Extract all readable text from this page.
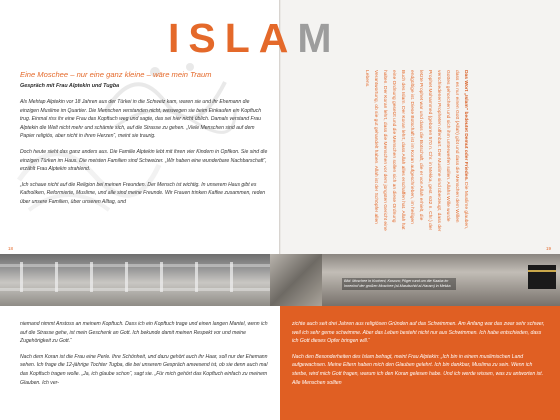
ISLAM
Eine Moschee – nur eine ganz kleine – wäre mein Traum
Gespräch mit Frau Alptekin und Tugba

Als Mehtap Alptekin vor 18 Jahren aus der Türkei in die Schweiz kam, waren sie und ihr Ehemann die einzigen Muslime im Quartier. Die Menschen verstanden nicht, weswegen sie beim Einkaufen ein Kopftuch trug. Einmal riss ihr eine Frau das Kopftuch weg und sagte, das sei hier nicht üblich. Damals verstand Frau Alptekin die Welt nicht mehr und schämte sich, auf die Strasse zu gehen. „Viele Menschen sind auf dem Papier religiös, aber nicht in ihren Herzen“, meint sie traurig.

Doch heute sieht das ganz anders aus. Die Familie Alptekin lebt mit ihren vier Kindern in Opfikon. Sie sind die einzigen Türken im Haus. Die meisten Familien sind Schweizer. „Wir haben eine wunderbare Nachbarschaft“, erzählt Frau Alptekin strahlend.

„Ich schaue nicht auf die Religion bei meinen Freunden. Der Mensch ist wichtig. In unserem Haus gibt es Katholiken, Reformierte, Muslime, und alle sind meine Freunde. Wir Frauen trinken Kaffee zusammen, reden über unsere Familien, über unseren Alltag, und

18	19
Das Wort „Islam“ bedeutet Demut oder Frieden. Die Muslime glauben, dass es nur einen Gott (Allah) gibt und dass die Menschen dem Willen Gottes gehorchen und sich ihm unterwerfen sollen. Allahs Wille wurde verschiedenen Propheten offenbart. Der Muslime sind überzeugt, dass der Prophet Mohammed (geboren 570 n. Chr. in Mekka, gest. 632 n. Chr.) der letzte Prophet war und dass die Botschaft, die er von Allah erhielt, die endgültige ist. Diese Botschaft ist im Koran aufgeschrieben, im heiligen Buch des Islam. Der Koran lehrt, dass Allah alles erschaffen hat. Allah hat eine Ordnung gesetzt und die Menschen sollen sich an diese Ordnung halten. Der Koran lehrt, dass die Menschen vor dem jüngsten Gericht eine Verantwortung, ob sie gut gehandelt haben. Allah ist der Schöpfer allen Lebens.
Bild: Moschee in Kocheni, Kosovo; Pilger rund um die Kaaba im Innenhof der großen Moschee (al-Masdschid al-Haram) in Mekka

niemand nimmt Anstoss an meinem Kopftuch. Dass ich ein Kopftuch trage und einen langen Mantel, wenn ich auf die Strasse gehe, ist mein Geschenk an Gott. Ich bekunde damit meinen Respekt vor und meine Zugehörigkeit zu Gott.“

Nach dem Koran ist die Frau eine Perle. Ihre Schönheit, und dazu gehört auch ihr Haar, soll nur der Ehemann sehen. Ich frage die 12-jährige Tochter Tugba, die bei unserem Gespräch anwesend ist, ob sie denn auch mal das Kopftuch tragen wolle. „Ja, ich glaube schon“, sagt sie. „Für mich gehört das Kopftuch einfach zu meinem Glauben. Ich ver-

zichte auch seit drei Jahren aus religiösen Gründen auf das Schwimmen. Am Anfang war das zwar sehr schwer, weil ich sehr gerne schwimme. Aber das Leben besteht nicht nur aus Schwimmen. Ich habe entschieden, dass ich Gott dieses Opfer bringen will.“

Nach den Besonderheiten des Islam befragt, meint Frau Alptekin: „Ich bin in einem muslimischen Land aufgewachsen. Meine Eltern haben mich den Glauben gelehrt. Ich bin dankbar, Muslima zu sein. Wenn ich sterbe, wird mich Gott fragen, warum ich den Koran gelesen habe. Und ich werde wissen, was zu antworten ist. Alle Menschen sollten
